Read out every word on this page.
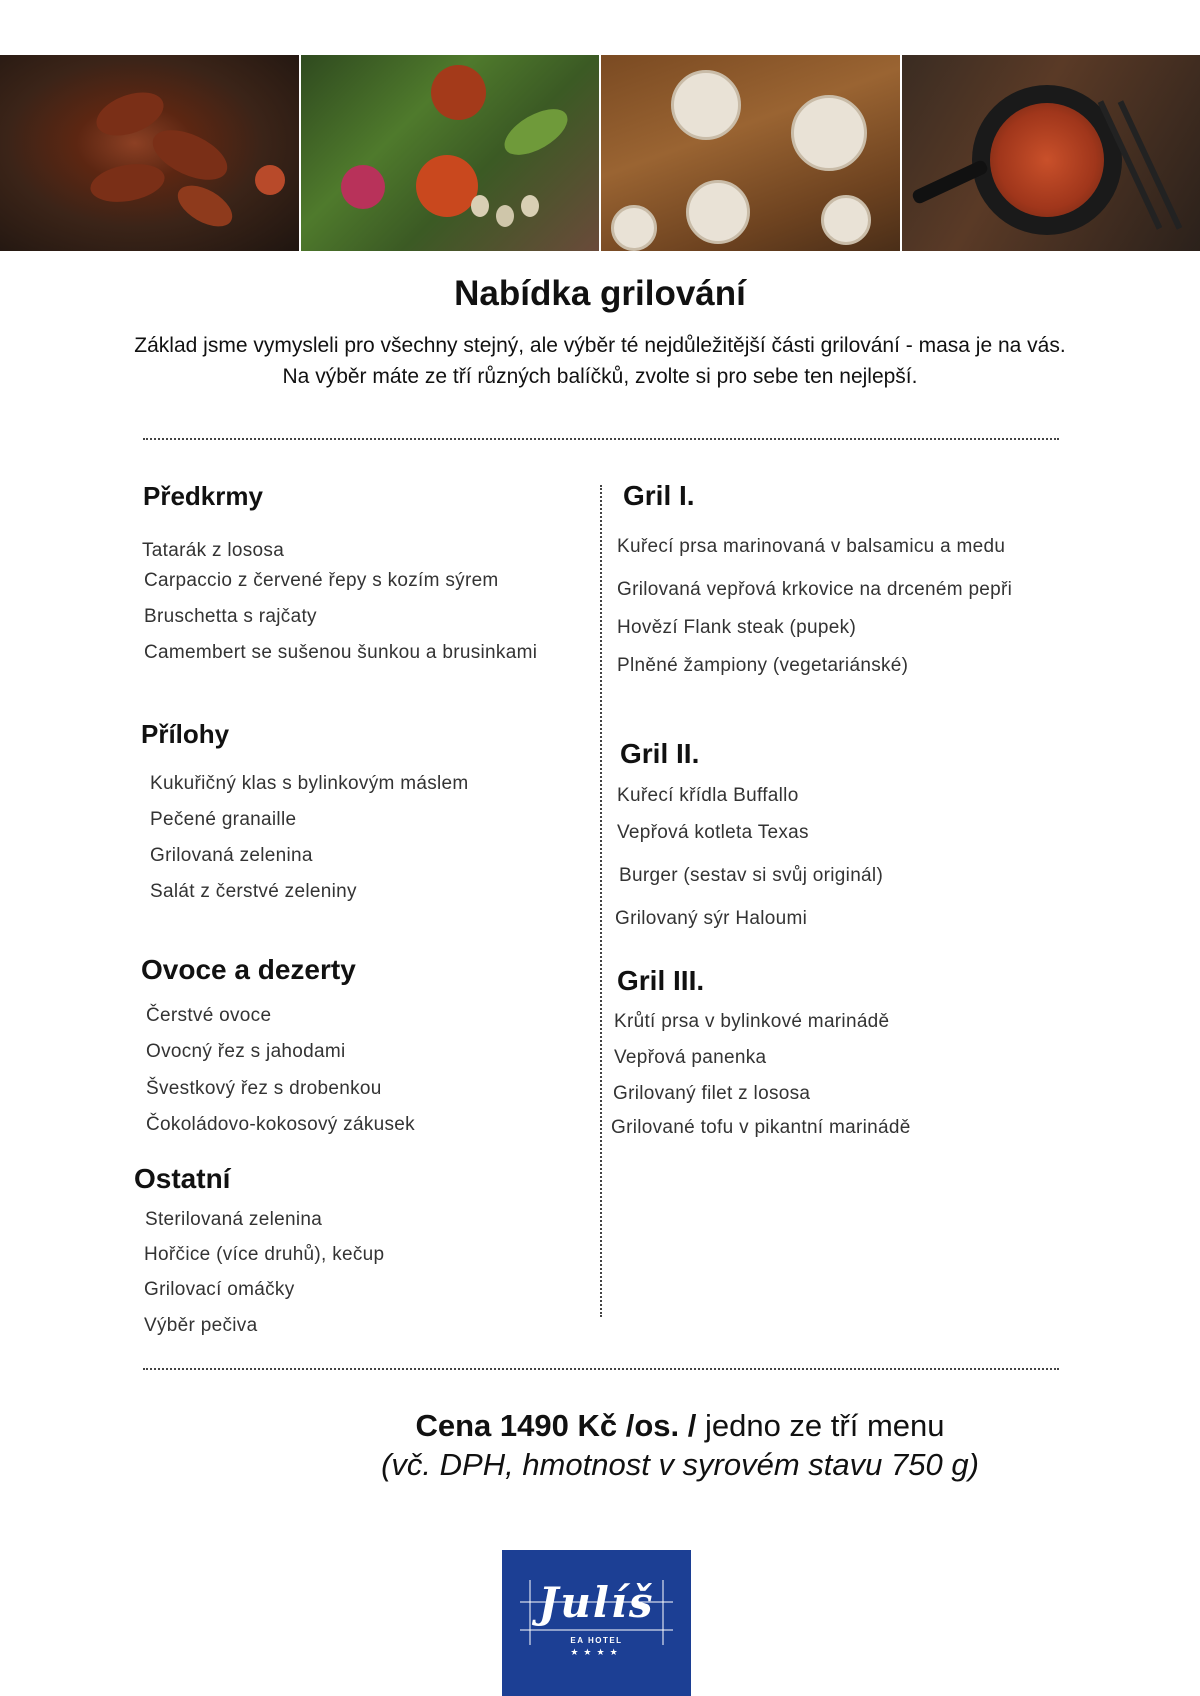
Nabídka grilování
Základ jsme vymysleli pro všechny stejný, ale výběr té nejdůležitější části grilování - masa je na vás.
Na výběr máte ze tří různých balíčků, zvolte si pro sebe ten nejlepší.
Předkrmy
Tatarák z lososa
Carpaccio z červené řepy s kozím sýrem
Bruschetta s rajčaty
Camembert se sušenou šunkou a brusinkami
Přílohy
Kukuřičný klas s bylinkovým máslem
Pečené granaille
Grilovaná zelenina
Salát z čerstvé zeleniny
Ovoce a dezerty
Čerstvé ovoce
Ovocný řez s jahodami
Švestkový řez s drobenkou
Čokoládovo-kokosový zákusek
Ostatní
Sterilovaná zelenina
Hořčice (více druhů), kečup
Grilovací omáčky
Výběr pečiva
Gril I.
Kuřecí prsa marinovaná v balsamicu a medu
Grilovaná vepřová krkovice na drceném pepři
Hovězí Flank steak (pupek)
Plněné žampiony (vegetariánské)
Gril II.
Kuřecí křídla Buffallo
Vepřová kotleta Texas
Burger (sestav si svůj originál)
Grilovaný sýr Haloumi
Gril III.
Krůtí prsa v bylinkové marinádě
Vepřová panenka
Grilovaný filet z lososa
Grilované tofu v pikantní marinádě
Cena 1490 Kč /os. / jedno ze tří menu
(vč. DPH, hmotnost v syrovém stavu 750 g)
Julíš
EA HOTEL
★★★★
